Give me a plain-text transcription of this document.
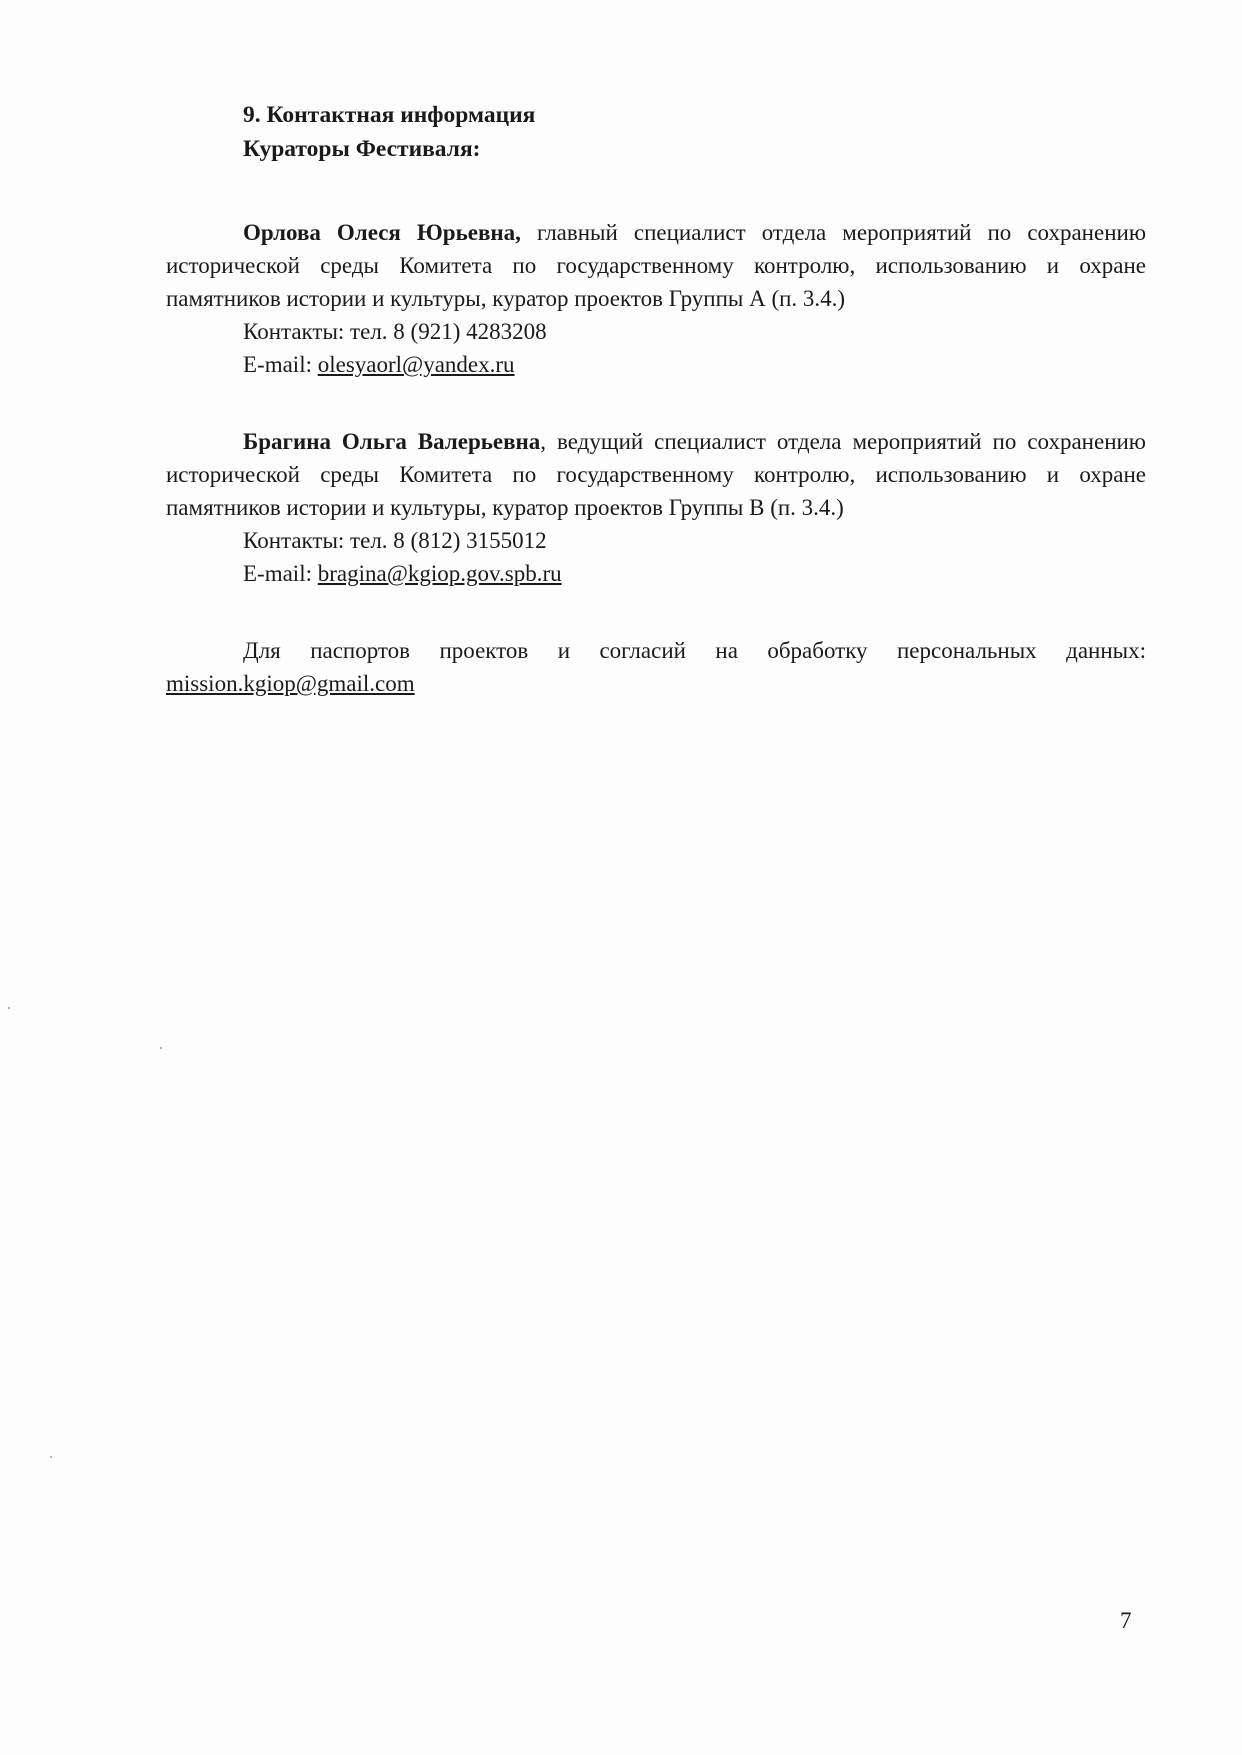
9. Контактная информация
Кураторы Фестиваля:

Орлова Олеся Юрьевна, главный специалист отдела мероприятий по сохранению исторической среды Комитета по государственному контролю, использованию и охране памятников истории и культуры, куратор проектов Группы А (п. 3.4.)

Контакты: тел. 8 (921) 4283208
E-mail: olesyaorl@yandex.ru

Брагина Ольга Валерьевна, ведущий специалист отдела мероприятий по сохранению исторической среды Комитета по государственному контролю, использованию и охране памятников истории и культуры, куратор проектов Группы В (п. 3.4.)

Контакты: тел. 8 (812) 3155012
E-mail: bragina@kgiop.gov.spb.ru

Для паспортов проектов и согласий на обработку персональных данных: mission.kgiop@gmail.com

7
